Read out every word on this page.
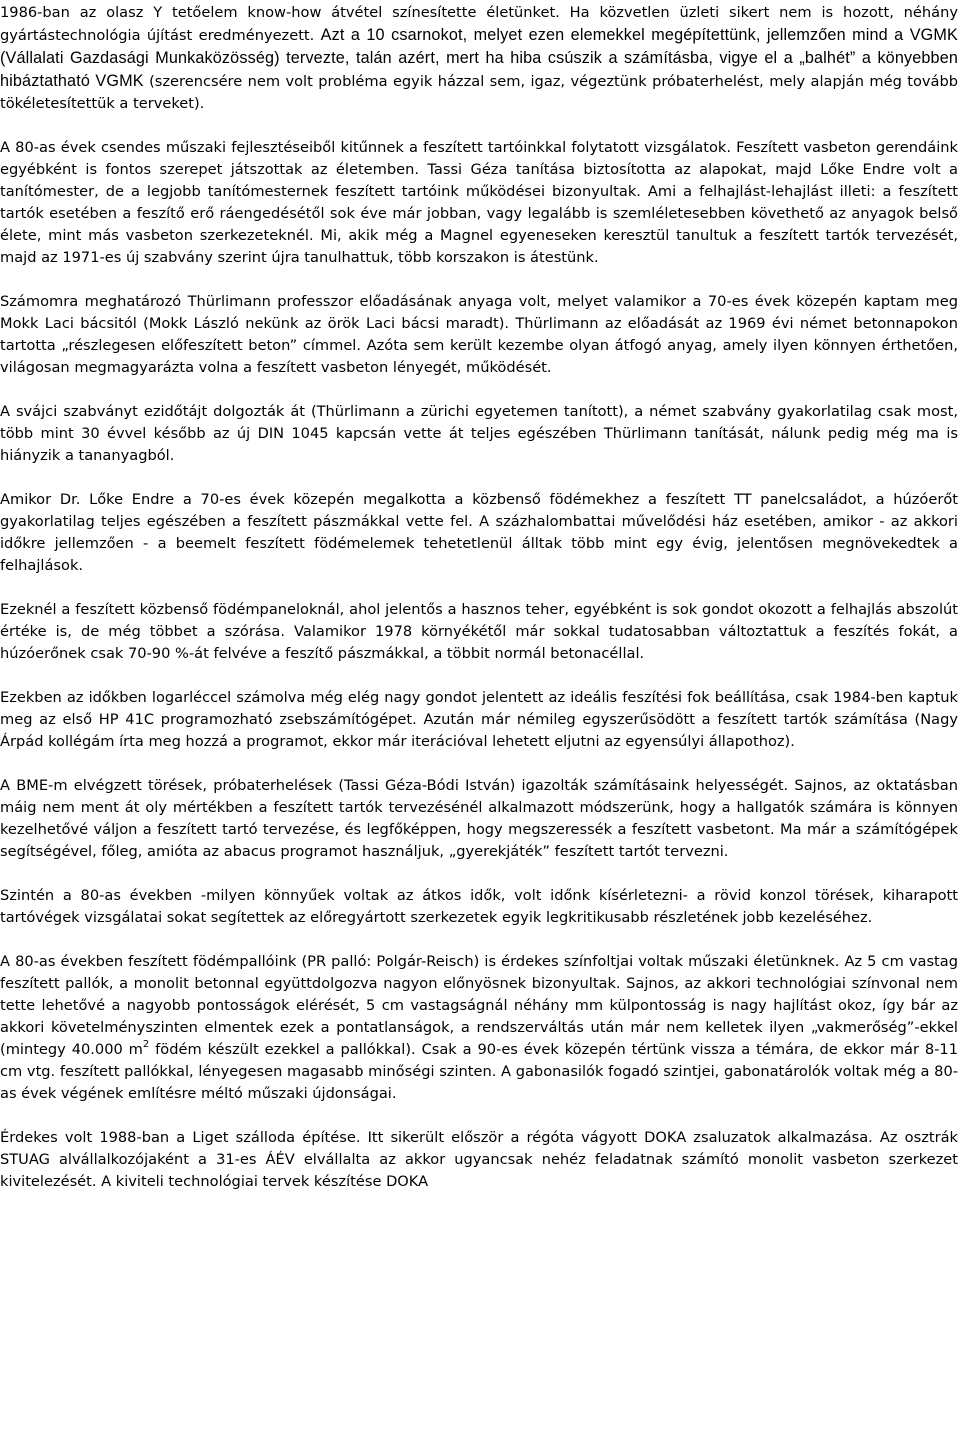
1986-ban az olasz Y tetőelem know-how átvétel színesítette életünket. Ha közvetlen üzleti sikert nem is hozott, néhány gyártástechnológia újítást eredményezett. Azt a 10 csarnokot, melyet ezen elemekkel megépítettünk, jellemzően mind a VGMK (Vállalati Gazdasági Munkaközösség) tervezte, talán azért, mert ha hiba csúszik a számításba, vigye el a „balhét” a könyebben hibáztatható VGMK (szerencsére nem volt probléma egyik házzal sem, igaz, végeztünk próbaterhelést, mely alapján még tovább tökéletesítettük a terveket).

A 80-as évek csendes műszaki fejlesztéseiből kitűnnek a feszített tartóinkkal folytatott vizsgálatok. Feszített vasbeton gerendáink egyébként is fontos szerepet játszottak az életemben. Tassi Géza tanítása biztosította az alapokat, majd Lőke Endre volt a tanítómester, de a legjobb tanítómesternek feszített tartóink működései bizonyultak. Ami a felhajlást-lehajlást illeti: a feszített tartók esetében a feszítő erő ráengedésétől sok éve már jobban, vagy legalább is szemléletesebben követhető az anyagok belső élete, mint más vasbeton szerkezeteknél. Mi, akik még a Magnel egyeneseken keresztül tanultuk a feszített tartók tervezését, majd az 1971-es új szabvány szerint újra tanulhattuk, több korszakon is átestünk.

Számomra meghatározó Thürlimann professzor előadásának anyaga volt, melyet valamikor a 70-es évek közepén kaptam meg Mokk Laci bácsitól (Mokk László nekünk az örök Laci bácsi maradt). Thürlimann az előadását az 1969 évi német betonnapokon tartotta „részlegesen előfeszített beton” címmel. Azóta sem került kezembe olyan átfogó anyag, amely ilyen könnyen érthetően, világosan megmagyarázta volna a feszített vasbeton lényegét, működését.

A svájci szabványt ezidőtájt dolgozták át (Thürlimann a zürichi egyetemen tanított), a német szabvány gyakorlatilag csak most, több mint 30 évvel később az új DIN 1045 kapcsán vette át teljes egészében Thürlimann tanítását, nálunk pedig még ma is hiányzik a tananyagból.

Amikor Dr. Lőke Endre a 70-es évek közepén megalkotta a közbenső födémekhez a feszített TT panelcsaládot, a húzóerőt gyakorlatilag teljes egészében a feszített pászmákkal vette fel. A százhalombattai művelődési ház esetében, amikor - az akkori időkre jellemzően - a beemelt feszített födémelemek tehetetlenül álltak több mint egy évig, jelentősen megnövekedtek a felhajlások.

Ezeknél a feszített közbenső födémpaneloknál, ahol jelentős a hasznos teher, egyébként is sok gondot okozott a felhajlás abszolút értéke is, de még többet a szórása. Valamikor 1978 környékétől már sokkal tudatosabban változtattuk a feszítés fokát, a húzóerőnek csak 70-90 %-át felvéve a feszítő pászmákkal, a többit normál betonacéllal.

Ezekben az időkben logarléccel számolva még elég nagy gondot jelentett az ideális feszítési fok beállítása, csak 1984-ben kaptuk meg az első HP 41C programozható zsebszámítógépet. Azután már némileg egyszerűsödött a feszített tartók számítása (Nagy Árpád kollégám írta meg hozzá a programot, ekkor már iterációval lehetett eljutni az egyensúlyi állapothoz).

A BME-m elvégzett törések, próbaterhelések (Tassi Géza-Bódi István) igazolták számításaink helyességét. Sajnos, az oktatásban máig nem ment át oly mértékben a feszített tartók tervezésénél alkalmazott módszerünk, hogy a hallgatók számára is könnyen kezelhetővé váljon a feszített tartó tervezése, és legfőképpen, hogy megszeressék a feszített vasbetont. Ma már a számítógépek segítségével, főleg, amióta az abacus programot használjuk, „gyerekjáték” feszített tartót tervezni.

Szintén a 80-as években -milyen könnyűek voltak az átkos idők, volt időnk kísérletezni- a rövid konzol törések, kiharapott tartóvégek vizsgálatai sokat segítettek az előregyártott szerkezetek egyik legkritikusabb részletének jobb kezeléséhez.

A 80-as években feszített födémpallóink (PR palló: Polgár-Reisch) is érdekes színfoltjai voltak műszaki életünknek. Az 5 cm vastag feszített pallók, a monolit betonnal együttdolgozva nagyon előnyösnek bizonyultak. Sajnos, az akkori technológiai színvonal nem tette lehetővé a nagyobb pontosságok elérését, 5 cm vastagságnál néhány mm külpontosság is nagy hajlítást okoz, így bár az akkori követelményszinten elmentek ezek a pontatlanságok, a rendszerváltás után már nem kelletek ilyen „vakmerőség”-ekkel (mintegy 40.000 $m^2$ födém készült ezekkel a pallókkal). Csak a 90-es évek közepén tértünk vissza a témára, de ekkor már 8-11 cm vtg. feszített pallókkal, lényegesen magasabb minőségi szinten. A gabonasilók fogadó szintjei, gabonatárolók voltak még a 80-as évek végének említésre méltó műszaki újdonságai.

Érdekes volt 1988-ban a Liget szálloda építése. Itt sikerült először a régóta vágyott DOKA zsaluzatok alkalmazása. Az osztrák STUAG alvállalkozójaként a 31-es ÁÉV elvállalta az akkor ugyancsak nehéz feladatnak számító monolit vasbeton szerkezet kivitelezését. A kiviteli technológiai tervek készítése DOKA
